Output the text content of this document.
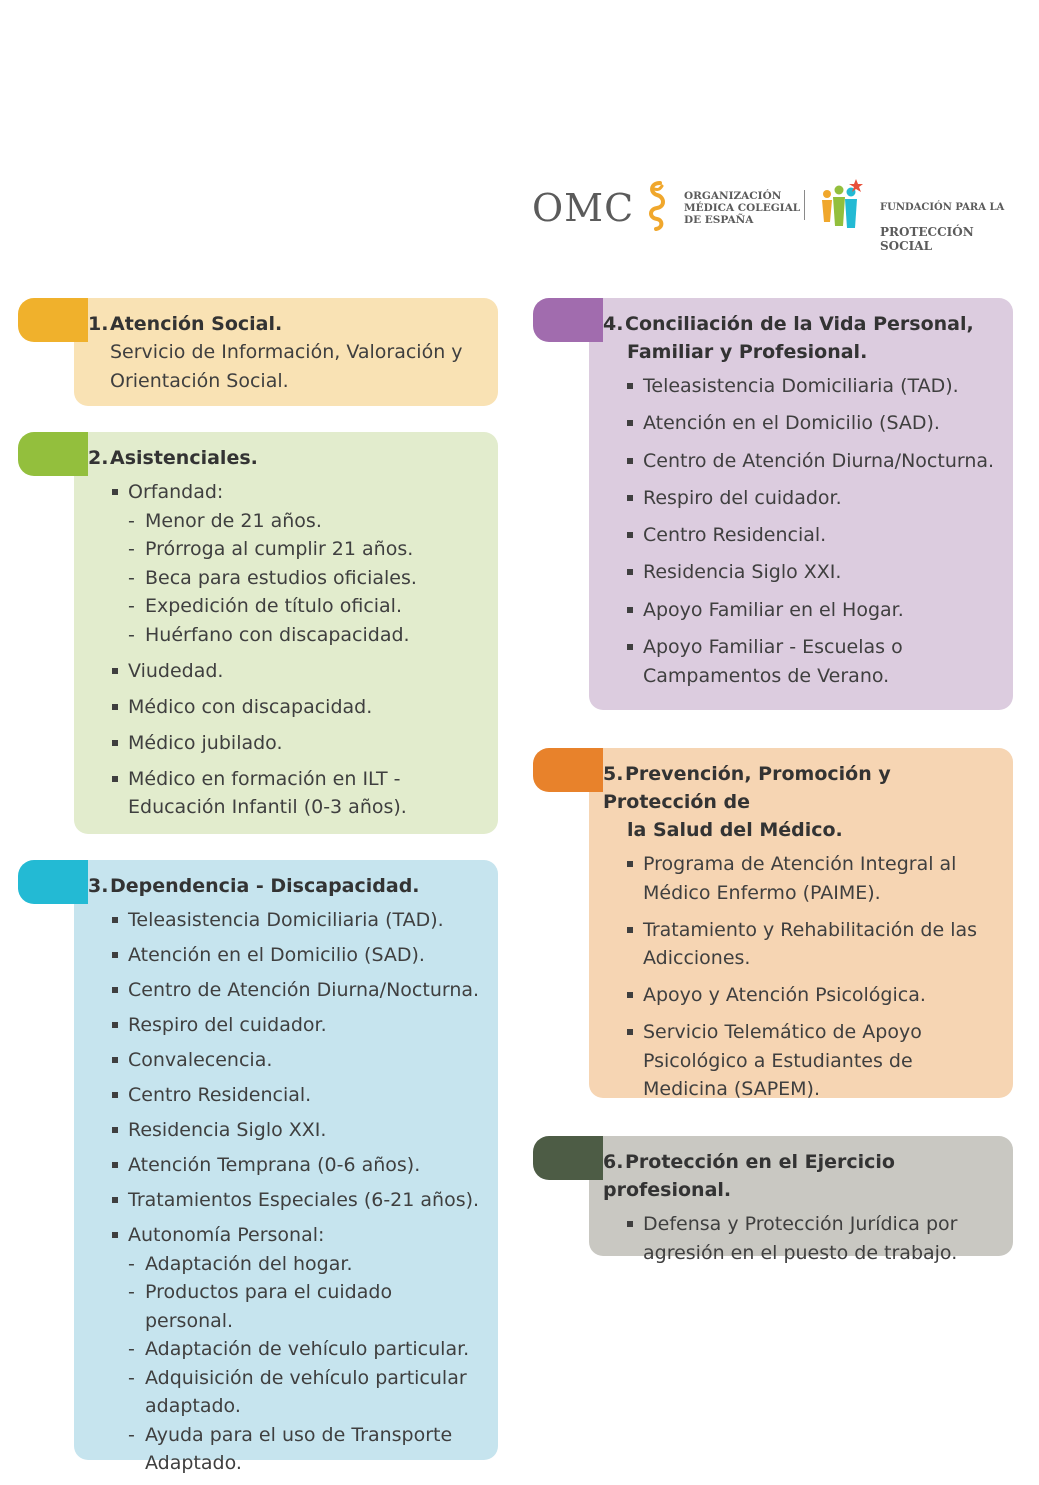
OMC	ORGANIZACIÓN
MÉDICA COLEGIAL
DE ESPAÑA

FUNDACIÓN PARA LA

PROTECCIÓN SOCIAL

1.Atención Social.

Servicio de Información, Valoración y
Orientación Social.

2.Asistenciales.

Orfandad:
- Menor de 21 años.
- Prórroga al cumplir 21 años.
- Beca para estudios oficiales.
- Expedición de título oficial.
- Huérfano con discapacidad.
Viudedad.
Médico con discapacidad.
Médico jubilado.
Médico en formación en ILT - Educación Infantil (0-3 años).

3.Dependencia - Discapacidad.

Teleasistencia Domiciliaria (TAD).
Atención en el Domicilio (SAD).
Centro de Atención Diurna/Nocturna.
Respiro del cuidador.
Convalecencia.
Centro Residencial.
Residencia Siglo XXI.
Atención Temprana (0-6 años).
Tratamientos Especiales (6-21 años).
Autonomía Personal:
- Adaptación del hogar.
- Productos para el cuidado personal.
- Adaptación de vehículo particular.
- Adquisición de vehículo particular adaptado.
- Ayuda para el uso de Transporte Adaptado.

4.Conciliación de la Vida Personal,
Familiar y Profesional.

Teleasistencia Domiciliaria (TAD).
Atención en el Domicilio (SAD).
Centro de Atención Diurna/Nocturna.
Respiro del cuidador.
Centro Residencial.
Residencia Siglo XXI.
Apoyo Familiar en el Hogar.
Apoyo Familiar - Escuelas o Campamentos de Verano.

5.Prevención, Promoción y Protección de
la Salud del Médico.

Programa de Atención Integral al Médico Enfermo (PAIME).
Tratamiento y Rehabilitación de las Adicciones.
Apoyo y Atención Psicológica.
Servicio Telemático de Apoyo Psicológico a Estudiantes de Medicina (SAPEM).

6.Protección en el Ejercicio profesional.

Defensa y Protección Jurídica por agresión en el puesto de trabajo.
